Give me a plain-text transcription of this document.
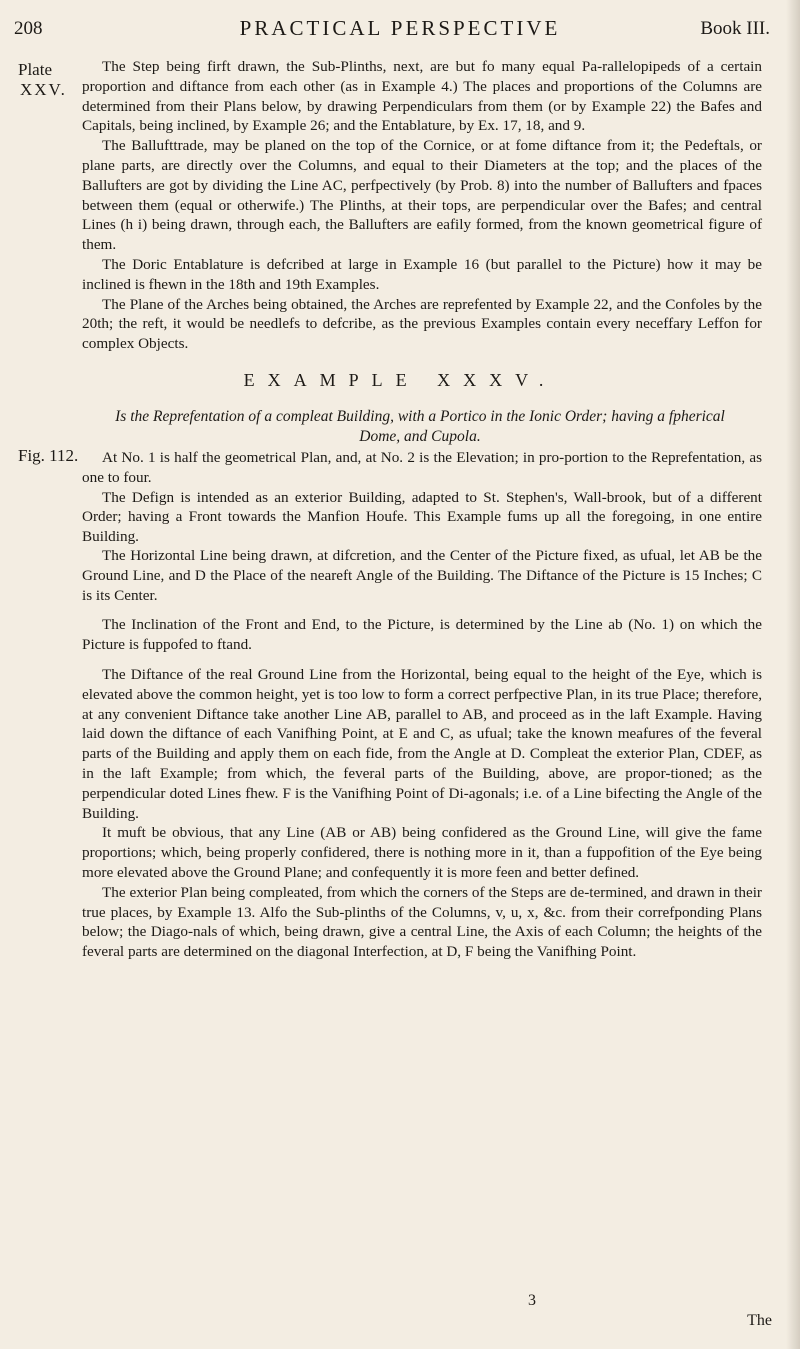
208	PRACTICAL PERSPECTIVE	Book III.
Plate
XXV.
Fig. 112.

The Step being firft drawn, the Sub-Plinths, next, are but fo many equal Pa-rallelopipeds of a certain proportion and diftance from each other (as in Example 4.) The places and proportions of the Columns are determined from their Plans below, by drawing Perpendiculars from them (or by Example 22) the Bafes and Capitals, being inclined, by Example 26; and the Entablature, by Ex. 17, 18, and 9.

The Ballufttrade, may be planed on the top of the Cornice, or at fome diftance from it; the Pedeftals, or plane parts, are directly over the Columns, and equal to their Diameters at the top; and the places of the Ballufters are got by dividing the Line AC, perfpectively (by Prob. 8) into the number of Ballufters and fpaces between them (equal or otherwife.) The Plinths, at their tops, are perpendicular over the Bafes; and central Lines (h i) being drawn, through each, the Ballufters are eafily formed, from the known geometrical figure of them.

The Doric Entablature is defcribed at large in Example 16 (but parallel to the Picture) how it may be inclined is fhewn in the 18th and 19th Examples.

The Plane of the Arches being obtained, the Arches are reprefented by Example 22, and the Confoles by the 20th; the reft, it would be needlefs to defcribe, as the previous Examples contain every neceffary Leffon for complex Objects.

EXAMPLE XXXV.
Is the Reprefentation of a compleat Building, with a Portico in the Ionic Order; having a fpherical Dome, and Cupola.

At No. 1 is half the geometrical Plan, and, at No. 2 is the Elevation; in pro-portion to the Reprefentation, as one to four.

The Defign is intended as an exterior Building, adapted to St. Stephen's, Wall-brook, but of a different Order; having a Front towards the Manfion Houfe. This Example fums up all the foregoing, in one entire Building.

The Horizontal Line being drawn, at difcretion, and the Center of the Picture fixed, as ufual, let AB be the Ground Line, and D the Place of the neareft Angle of the Building. The Diftance of the Picture is 15 Inches; C is its Center.

The Inclination of the Front and End, to the Picture, is determined by the Line ab (No. 1) on which the Picture is fuppofed to ftand.

The Diftance of the real Ground Line from the Horizontal, being equal to the height of the Eye, which is elevated above the common height, yet is too low to form a correct perfpective Plan, in its true Place; therefore, at any convenient Diftance take another Line AB, parallel to AB, and proceed as in the laft Example. Having laid down the diftance of each Vanifhing Point, at E and C, as ufual; take the known meafures of the feveral parts of the Building and apply them on each fide, from the Angle at D. Compleat the exterior Plan, CDEF, as in the laft Example; from which, the feveral parts of the Building, above, are propor-tioned; as the perpendicular doted Lines fhew. F is the Vanifhing Point of Di-agonals; i.e. of a Line bifecting the Angle of the Building.

It muft be obvious, that any Line (AB or AB) being confidered as the Ground Line, will give the fame proportions; which, being properly confidered, there is nothing more in it, than a fuppofition of the Eye being more elevated above the Ground Plane; and confequently it is more feen and better defined.

The exterior Plan being compleated, from which the corners of the Steps are de-termined, and drawn in their true places, by Example 13. Alfo the Sub-plinths of the Columns, v, u, x, &c. from their correfponding Plans below; the Diago-nals of which, being drawn, give a central Line, the Axis of each Column; the heights of the feveral parts are determined on the diagonal Interfection, at D, F being the Vanifhing Point.

3
The
